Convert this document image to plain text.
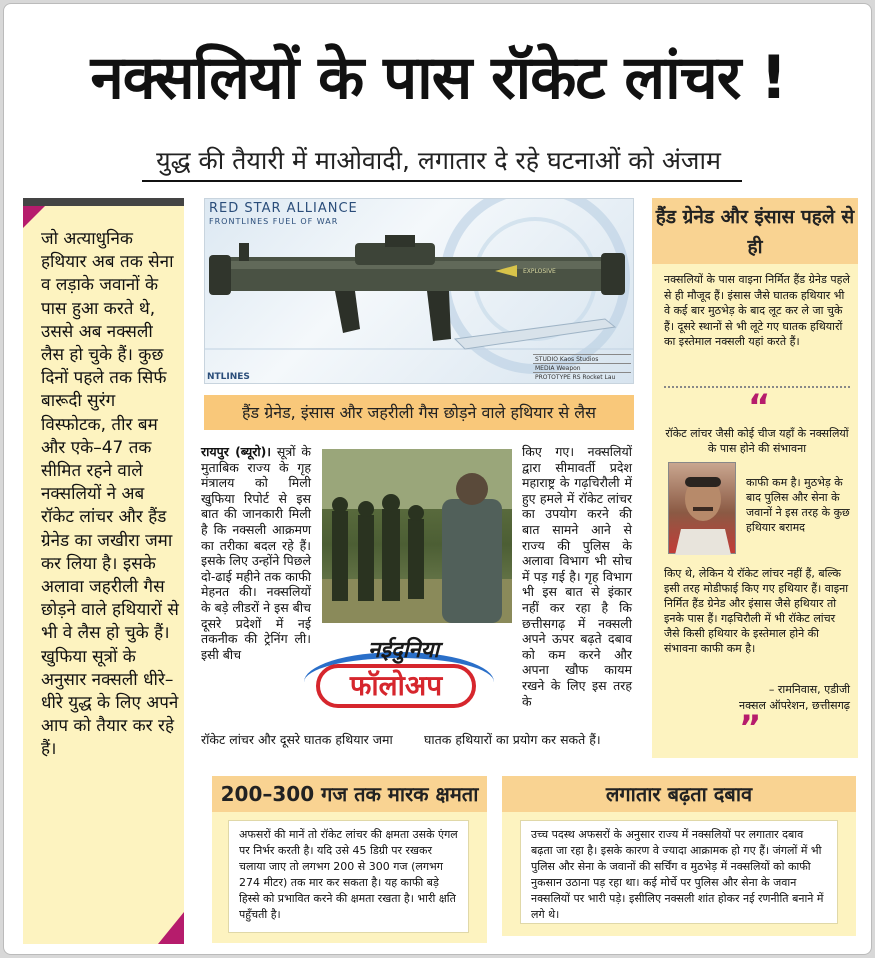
नक्सलियों के पास रॉकेट लांचर !
युद्ध की तैयारी में माओवादी, लगातार दे रहे घटनाओं को अंजाम

जो अत्याधुनिक हथियार अब तक सेना व लड़ाके जवानों के पास हुआ करते थे, उससे अब नक्सली लैस हो चुके हैं। कुछ दिनों पहले तक सिर्फ बारूदी सुरंग विस्फोटक, तीर बम और एके–47 तक सीमित रहने वाले नक्सलियों ने अब रॉकेट लांचर और हैंड ग्रेनेड का जखीरा जमा कर लिया है। इसके अलावा जहरीली गैस छोड़ने वाले हथियारों से भी वे लैस हो चुके हैं। खुफिया सूत्रों के अनुसार नक्सली धीरे–धीरे युद्ध के लिए अपने आप को तैयार कर रहे हैं।

RED STAR ALLIANCE
FRONTLINES FUEL OF WAR
EXPLOSIVE
STUDIO Kaos Studios
MEDIA Weapon
PROTOTYPE RS Rocket Lau
NTLINES
हैंड ग्रेनेड, इंसास और जहरीली गैस छोड़ने वाले हथियार से लैस
रायपुर (ब्यूरो)। सूत्रों के मुताबिक राज्य के गृह मंत्रालय को मिली खुफिया रिपोर्ट से इस बात की जानकारी मिली है कि नक्सली आक्रमण का तरीका बदल रहे हैं। इसके लिए उन्होंने पिछले दो-ढाई महीने तक काफी मेहनत की। नक्सलियों के बड़े लीडरों ने इस बीच दूसरे प्रदेशों में नई तकनीक की ट्रेनिंग ली। इसी बीच
रॉकेट लांचर और दूसरे घातक हथियार जमा
नईदुनिया
फॉलोअप
किए गए। नक्सलियों द्वारा सीमावर्ती प्रदेश महाराष्ट्र के गढ़चिरौली में हुए हमले में रॉकेट लांचर का उपयोग करने की बात सामने आने से राज्य की पुलिस के अलावा विभाग भी सोच में पड़ गई है। गृह विभाग भी इस बात से इंकार नहीं कर रहा है कि छत्तीसगढ़ में नक्सली अपने ऊपर बढ़ते दबाव को कम करने और अपना खौफ कायम रखने के लिए इस तरह के
घातक हथियारों का प्रयोग कर सकते हैं।
हैंड ग्रेनेड और इंसास पहले से ही

नक्सलियों के पास वाइना निर्मित हैंड ग्रेनेड पहले से ही मौजूद हैं। इंसास जैसे घातक हथियार भी वे कई बार मुठभेड़ के बाद लूट कर ले जा चुके हैं। दूसरे स्थानों से भी लूटे गए घातक हथियारों का इस्तेमाल नक्सली यहां करते हैं।

“

रॉकेट लांचर जैसी कोई चीज यहाँ के नक्सलियों के पास होने की संभावना

काफी कम है। मुठभेड़ के बाद पुलिस और सेना के जवानों ने इस तरह के कुछ हथियार बरामद

किए थे, लेकिन ये रॉकेट लांचर नहीं हैं, बल्कि इसी तरह मोडीफाई किए गए हथियार हैं। वाइना निर्मित हैंड ग्रेनेड और इंसास जैसे हथियार तो इनके पास हैं। गढ़चिरौली में भी रॉकेट लांचर जैसे किसी हथियार के इस्तेमाल होने की संभावना काफी कम है।

– रामनिवास, एडीजी
नक्सल ऑपरेशन, छत्तीसगढ़
”
200–300 गज तक मारक क्षमता
अफसरों की मानें तो रॉकेट लांचर की क्षमता उसके एंगल पर निर्भर करती है। यदि उसे 45 डिग्री पर रखकर चलाया जाए तो लगभग 200 से 300 गज (लगभग 274 मीटर) तक मार कर सकता है। यह काफी बड़े हिस्से को प्रभावित करने की क्षमता रखता है। भारी क्षति पहुँचती है।
लगातार बढ़ता दबाव
उच्च पदस्थ अफसरों के अनुसार राज्य में नक्सलियों पर लगातार दबाव बढ़ता जा रहा है। इसके कारण वे ज्यादा आक्रामक हो गए हैं। जंगलों में भी पुलिस और सेना के जवानों की सर्चिंग व मुठभेड़ में नक्सलियों को काफी नुकसान उठाना पड़ रहा था। कई मोर्चे पर पुलिस और सेना के जवान नक्सलियों पर भारी पड़े। इसीलिए नक्सली शांत होकर नई रणनीति बनाने में लगे थे।
